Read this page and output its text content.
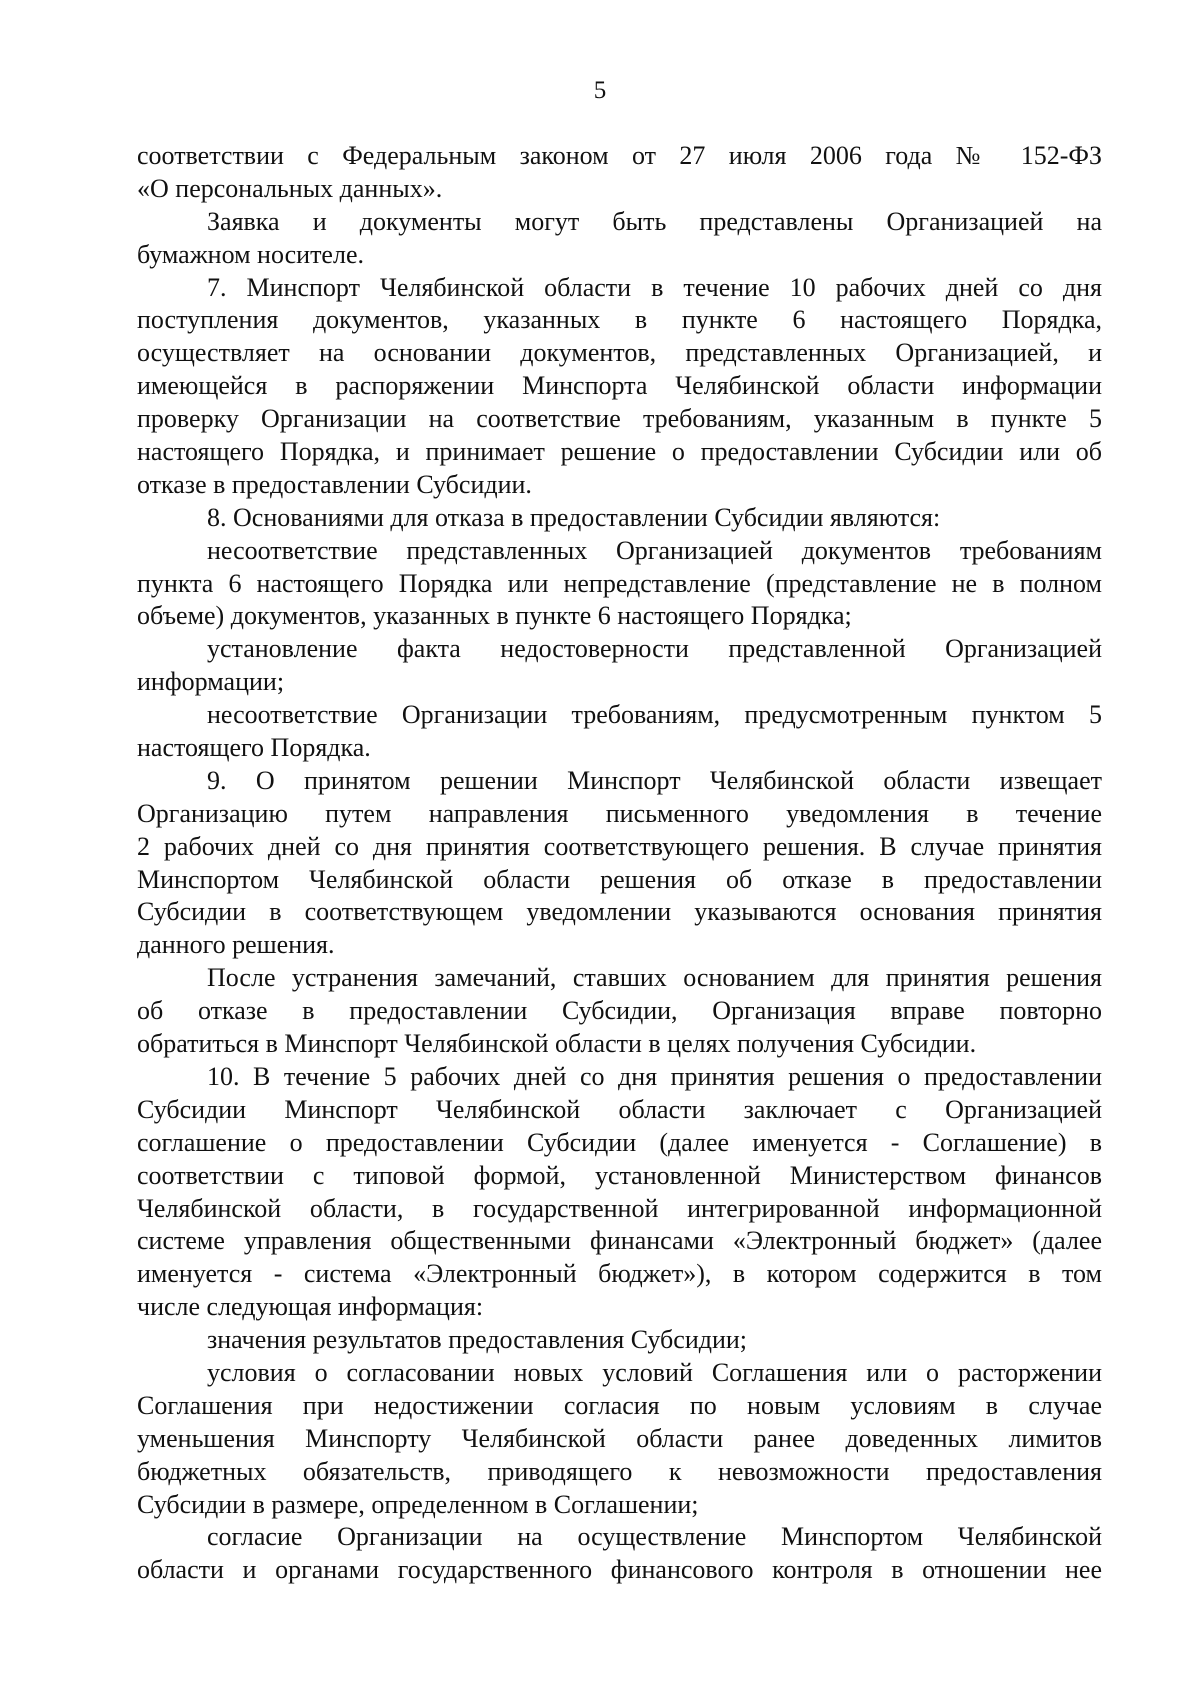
5
соответствии с Федеральным законом от 27 июля 2006 года № 152-ФЗ
«О персональных данных».
Заявка и документы могут быть представлены Организацией на
бумажном носителе.
7. Минспорт Челябинской области в течение 10 рабочих дней со дня
поступления документов, указанных в пункте 6 настоящего Порядка,
осуществляет на основании документов, представленных Организацией, и
имеющейся в распоряжении Минспорта Челябинской области информации
проверку Организации на соответствие требованиям, указанным в пункте 5
настоящего Порядка, и принимает решение о предоставлении Субсидии или об
отказе в предоставлении Субсидии.
8. Основаниями для отказа в предоставлении Субсидии являются:
несоответствие представленных Организацией документов требованиям
пункта 6 настоящего Порядка или непредставление (представление не в полном
объеме) документов, указанных в пункте 6 настоящего Порядка;
установление факта недостоверности представленной Организацией
информации;
несоответствие Организации требованиям, предусмотренным пунктом 5
настоящего Порядка.
9. О принятом решении Минспорт Челябинской области извещает
Организацию путем направления письменного уведомления в течение
2 рабочих дней со дня принятия соответствующего решения. В случае принятия
Минспортом Челябинской области решения об отказе в предоставлении
Субсидии в соответствующем уведомлении указываются основания принятия
данного решения.
После устранения замечаний, ставших основанием для принятия решения
об отказе в предоставлении Субсидии, Организация вправе повторно
обратиться в Минспорт Челябинской области в целях получения Субсидии.
10. В течение 5 рабочих дней со дня принятия решения о предоставлении
Субсидии Минспорт Челябинской области заключает с Организацией
соглашение о предоставлении Субсидии (далее именуется - Соглашение) в
соответствии с типовой формой, установленной Министерством финансов
Челябинской области, в государственной интегрированной информационной
системе управления общественными финансами «Электронный бюджет» (далее
именуется - система «Электронный бюджет»), в котором содержится в том
числе следующая информация:
значения результатов предоставления Субсидии;
условия о согласовании новых условий Соглашения или о расторжении
Соглашения при недостижении согласия по новым условиям в случае
уменьшения Минспорту Челябинской области ранее доведенных лимитов
бюджетных обязательств, приводящего к невозможности предоставления
Субсидии в размере, определенном в Соглашении;
согласие Организации на осуществление Минспортом Челябинской
области и органами государственного финансового контроля в отношении нее
